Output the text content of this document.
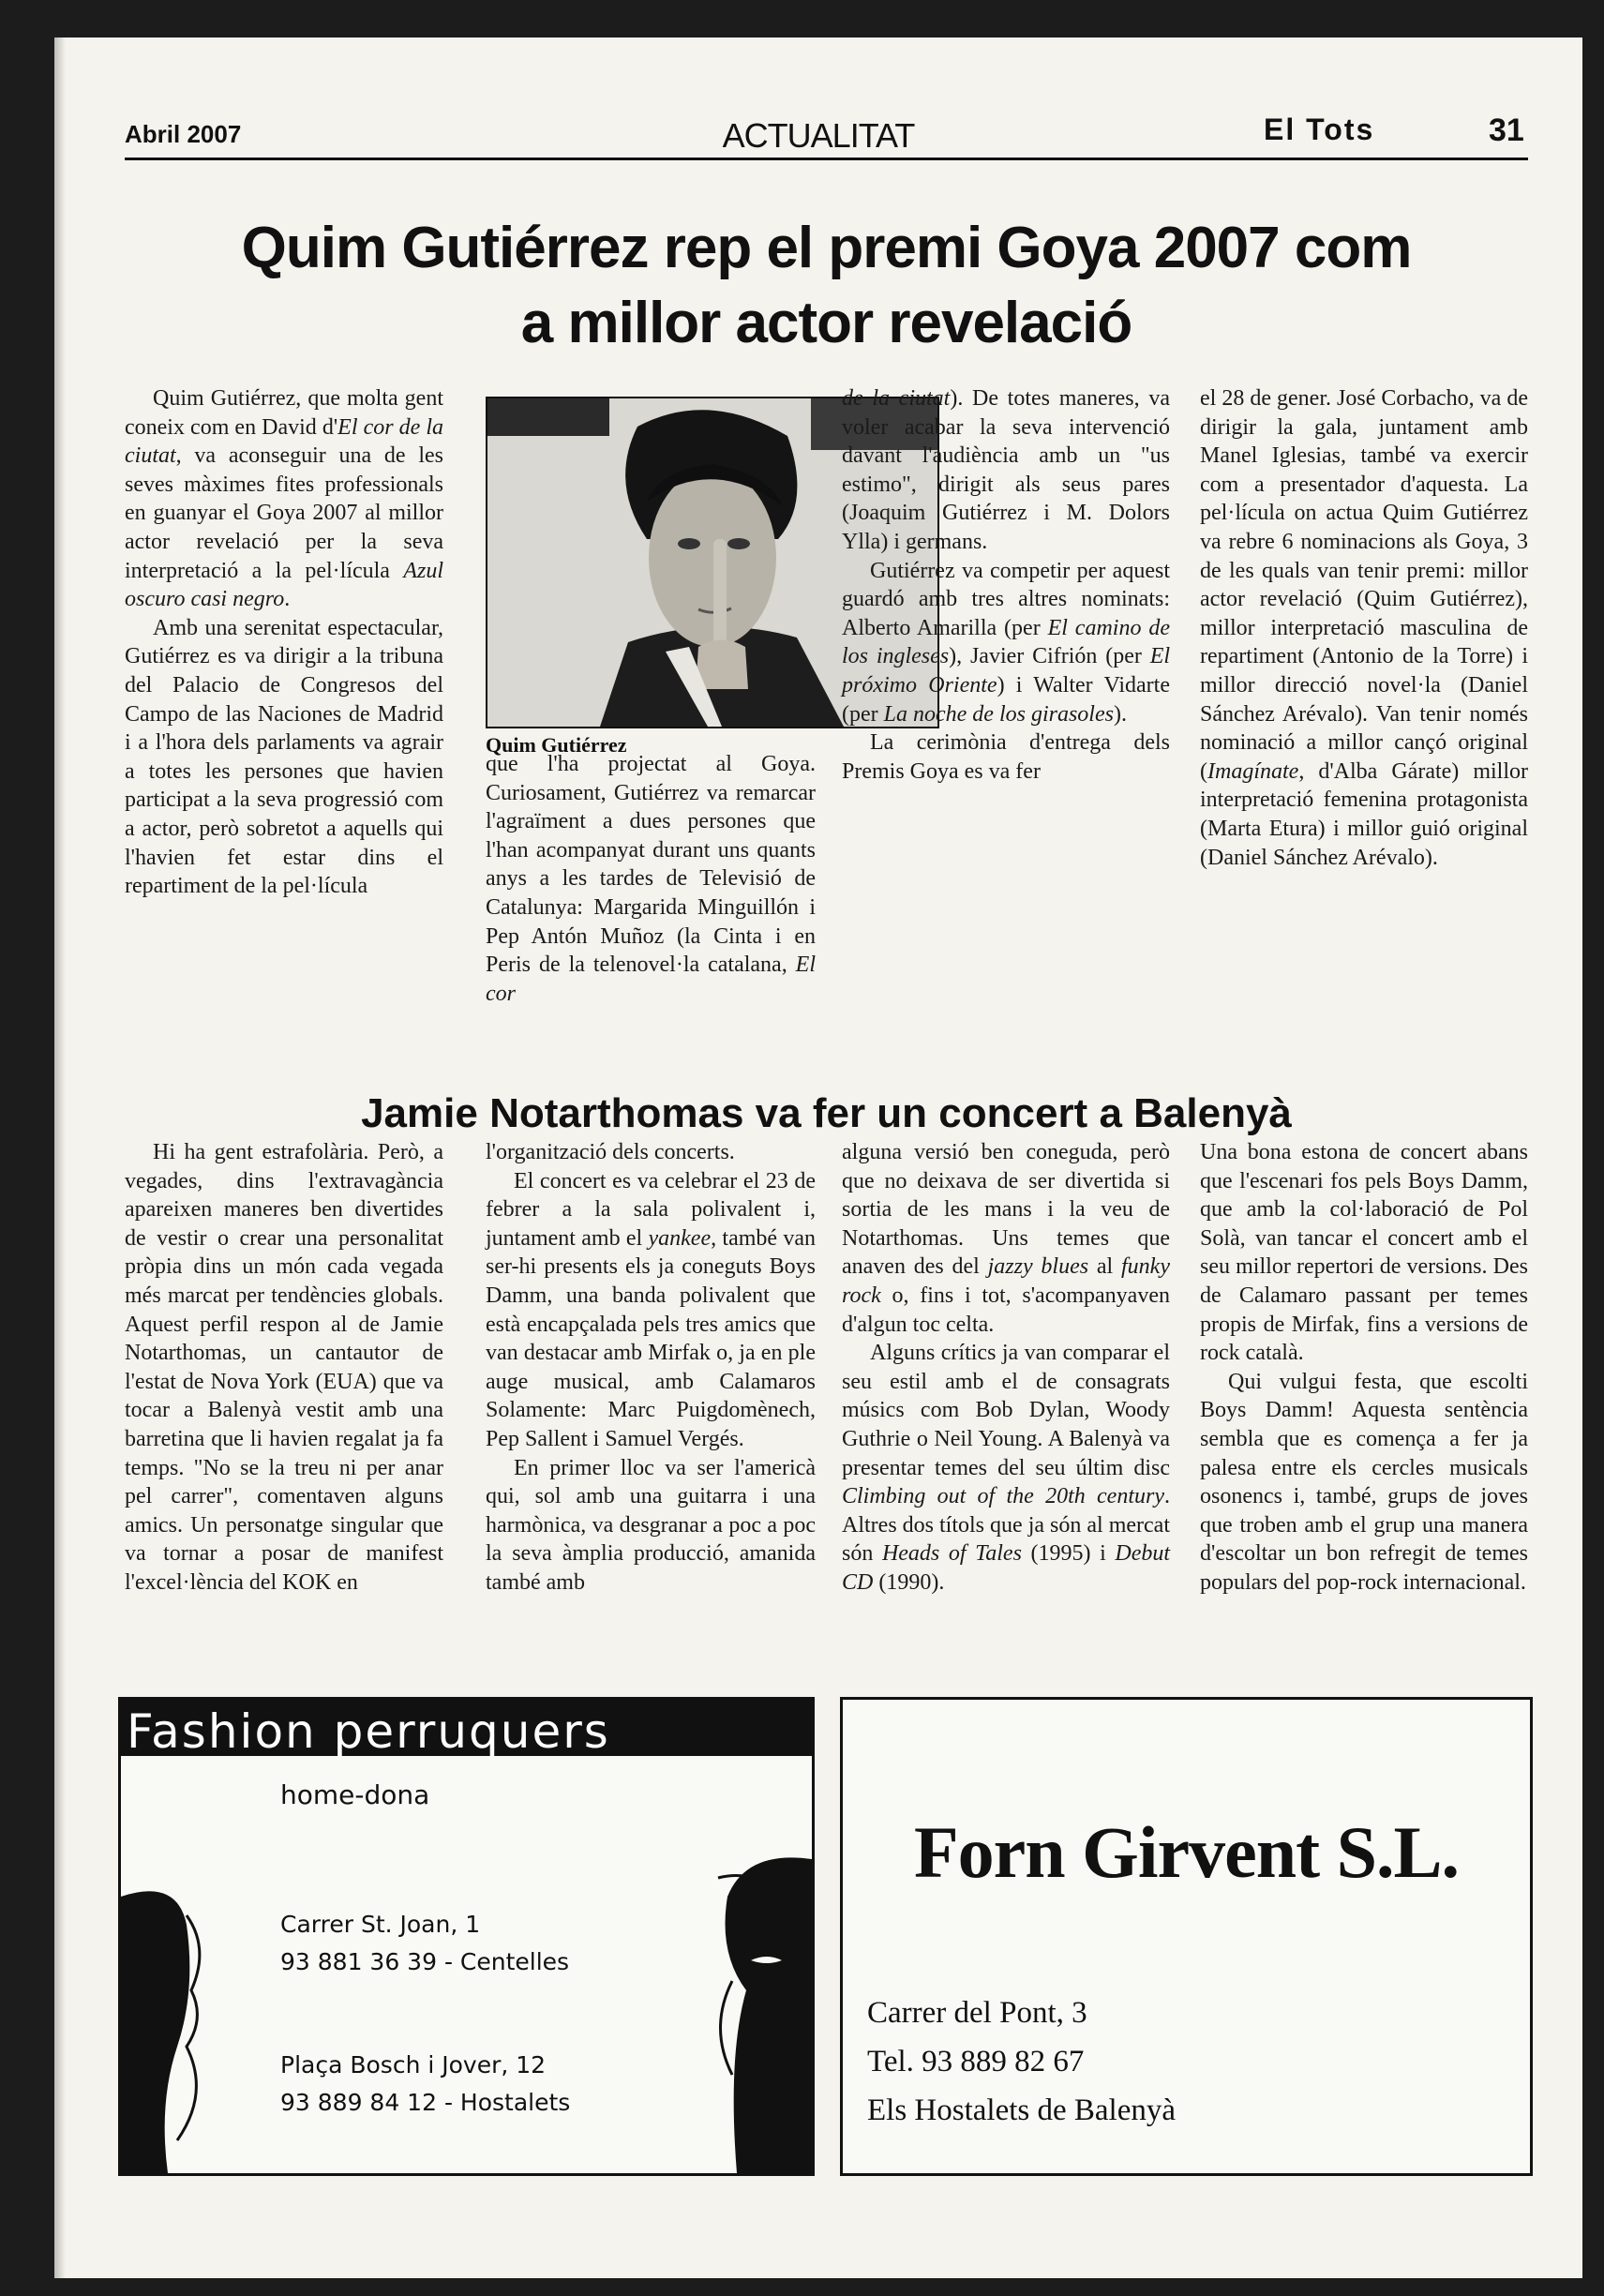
Abril 2007	ACTUALITAT	El Tots	31
Quim Gutiérrez rep el premi Goya 2007 com
a millor actor revelació

Quim Gutiérrez, que molta gent coneix com en David d'El cor de la ciutat, va aconseguir una de les seves màximes fites professionals en guanyar el Goya 2007 al millor actor revelació per la seva interpretació a la pel·lícula Azul oscuro casi negro.

Amb una serenitat espectacular, Gutiérrez es va dirigir a la tribuna del Palacio de Congresos del Campo de las Naciones de Madrid i a l'hora dels parlaments va agrair a totes les persones que havien participat a la seva progressió com a actor, però sobretot a aquells qui l'havien fet estar dins el repartiment de la pel·lícula

Quim Gutiérrez

que l'ha projectat al Goya. Curiosament, Gutiérrez va remarcar l'agraïment a dues persones que l'han acompanyat durant uns quants anys a les tardes de Televisió de Catalunya: Margarida Minguillón i Pep Antón Muñoz (la Cinta i en Peris de la telenovel·la catalana, El cor

de la ciutat). De totes maneres, va voler acabar la seva intervenció davant l'audiència amb un "us estimo", dirigit als seus pares (Joaquim Gutiérrez i M. Dolors Ylla) i germans.

Gutiérrez va competir per aquest guardó amb tres altres nominats: Alberto Amarilla (per El camino de los ingleses), Javier Cifrión (per El próximo Oriente) i Walter Vidarte (per La noche de los girasoles).

La cerimònia d'entrega dels Premis Goya es va fer

el 28 de gener. José Corbacho, va de dirigir la gala, juntament amb Manel Iglesias, també va exercir com a presentador d'aquesta. La pel·lícula on actua Quim Gutiérrez va rebre 6 nominacions als Goya, 3 de les quals van tenir premi: millor actor revelació (Quim Gutiérrez), millor interpretació masculina de repartiment (Antonio de la Torre) i millor direcció novel·la (Daniel Sánchez Arévalo). Van tenir només nominació a millor cançó original (Imagínate, d'Alba Gárate) millor interpretació femenina protagonista (Marta Etura) i millor guió original (Daniel Sánchez Arévalo).

Jamie Notarthomas va fer un concert a Balenyà

Hi ha gent estrafolària. Però, a vegades, dins l'extravagància apareixen maneres ben divertides de vestir o crear una personalitat pròpia dins un món cada vegada més marcat per tendències globals. Aquest perfil respon al de Jamie Notarthomas, un cantautor de l'estat de Nova York (EUA) que va tocar a Balenyà vestit amb una barretina que li havien regalat ja fa temps. "No se la treu ni per anar pel carrer", comentaven alguns amics. Un personatge singular que va tornar a posar de manifest l'excel·lència del KOK en

l'organització dels concerts.

El concert es va celebrar el 23 de febrer a la sala polivalent i, juntament amb el yankee, també van ser-hi presents els ja coneguts Boys Damm, una banda polivalent que està encapçalada pels tres amics que van destacar amb Mirfak o, ja en ple auge musical, amb Calamaros Solamente: Marc Puigdomènech, Pep Sallent i Samuel Vergés.

En primer lloc va ser l'americà qui, sol amb una guitarra i una harmònica, va desgranar a poc a poc la seva àmplia producció, amanida també amb

alguna versió ben coneguda, però que no deixava de ser divertida si sortia de les mans i la veu de Notarthomas. Uns temes que anaven des del jazzy blues al funky rock o, fins i tot, s'acompanyaven d'algun toc celta.

Alguns crítics ja van comparar el seu estil amb el de consagrats músics com Bob Dylan, Woody Guthrie o Neil Young. A Balenyà va presentar temes del seu últim disc Climbing out of the 20th century. Altres dos títols que ja són al mercat són Heads of Tales (1995) i Debut CD (1990).

Una bona estona de concert abans que l'escenari fos pels Boys Damm, que amb la col·laboració de Pol Solà, van tancar el concert amb el seu millor repertori de versions. Des de Calamaro passant per temes propis de Mirfak, fins a versions de rock català.

Qui vulgui festa, que escolti Boys Damm! Aquesta sentència sembla que es comença a fer ja palesa entre els cercles musicals osonencs i, també, grups de joves que troben amb el grup una manera d'escoltar un bon refregit de temes populars del pop-rock internacional.

Fashion perruquers
home-dona
Carrer St. Joan, 1
93 881 36 39 - Centelles
Plaça Bosch i Jover, 12
93 889 84 12 - Hostalets
Forn Girvent S.L.
Carrer del Pont, 3
Tel. 93 889 82 67
Els Hostalets de Balenyà
